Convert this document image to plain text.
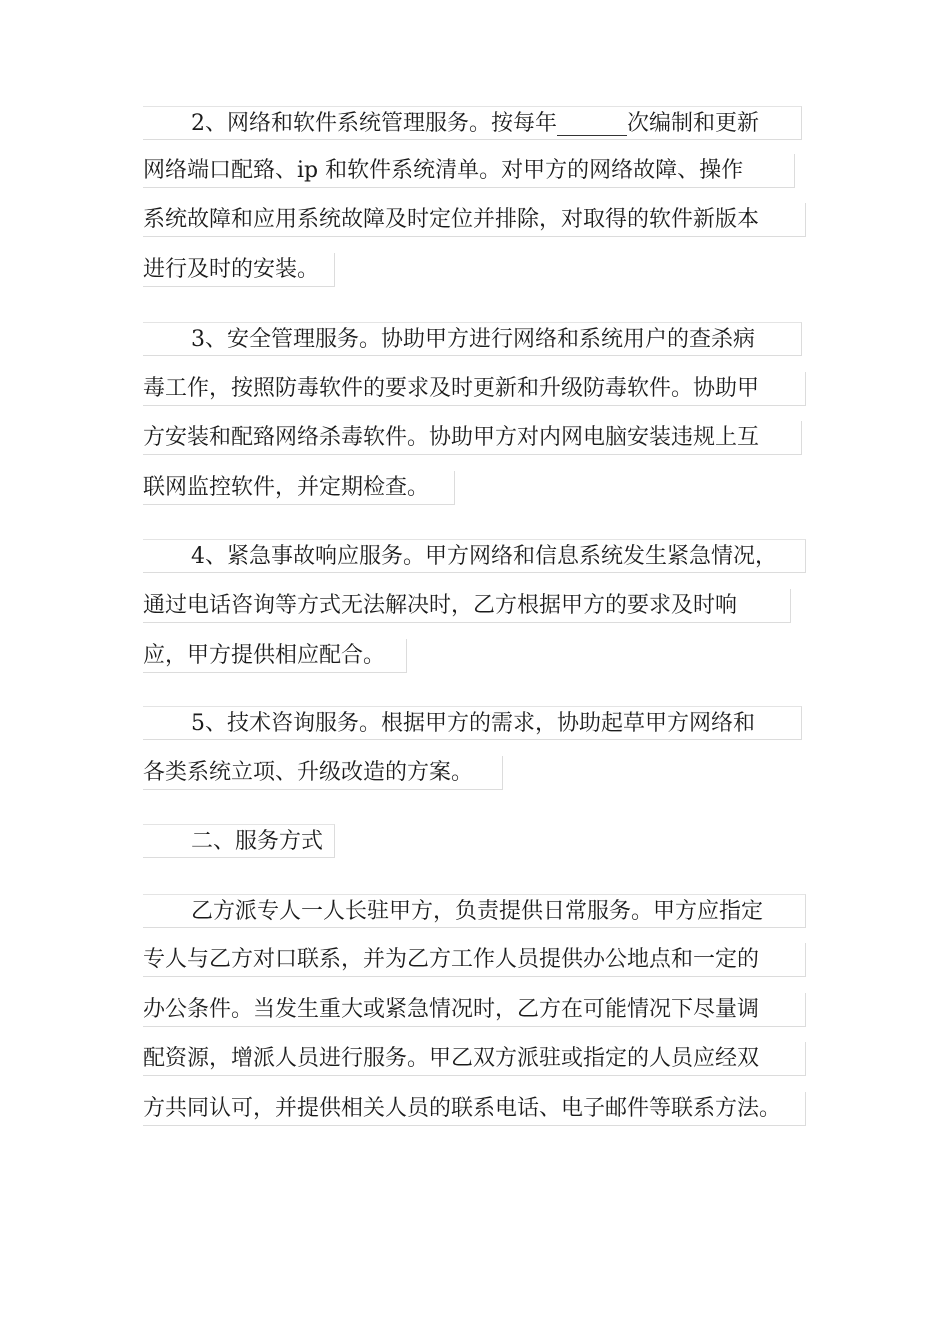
2、网络和软件系统管理服务。按每年	次编制和更新
网络端口配臵、ip 和软件系统清单。对甲方的网络故障、操作
系统故障和应用系统故障及时定位并排除，对取得的软件新版本
进行及时的安装。
3、安全管理服务。协助甲方进行网络和系统用户的查杀病
毒工作，按照防毒软件的要求及时更新和升级防毒软件。协助甲
方安装和配臵网络杀毒软件。协助甲方对内网电脑安装违规上互
联网监控软件，并定期检查。
4、紧急事故响应服务。甲方网络和信息系统发生紧急情况，
通过电话咨询等方式无法解决时，乙方根据甲方的要求及时响
应，甲方提供相应配合。
5、技术咨询服务。根据甲方的需求，协助起草甲方网络和
各类系统立项、升级改造的方案。
二、服务方式
乙方派专人一人长驻甲方，负责提供日常服务。甲方应指定
专人与乙方对口联系，并为乙方工作人员提供办公地点和一定的
办公条件。当发生重大或紧急情况时，乙方在可能情况下尽量调
配资源，增派人员进行服务。甲乙双方派驻或指定的人员应经双
方共同认可，并提供相关人员的联系电话、电子邮件等联系方法。
